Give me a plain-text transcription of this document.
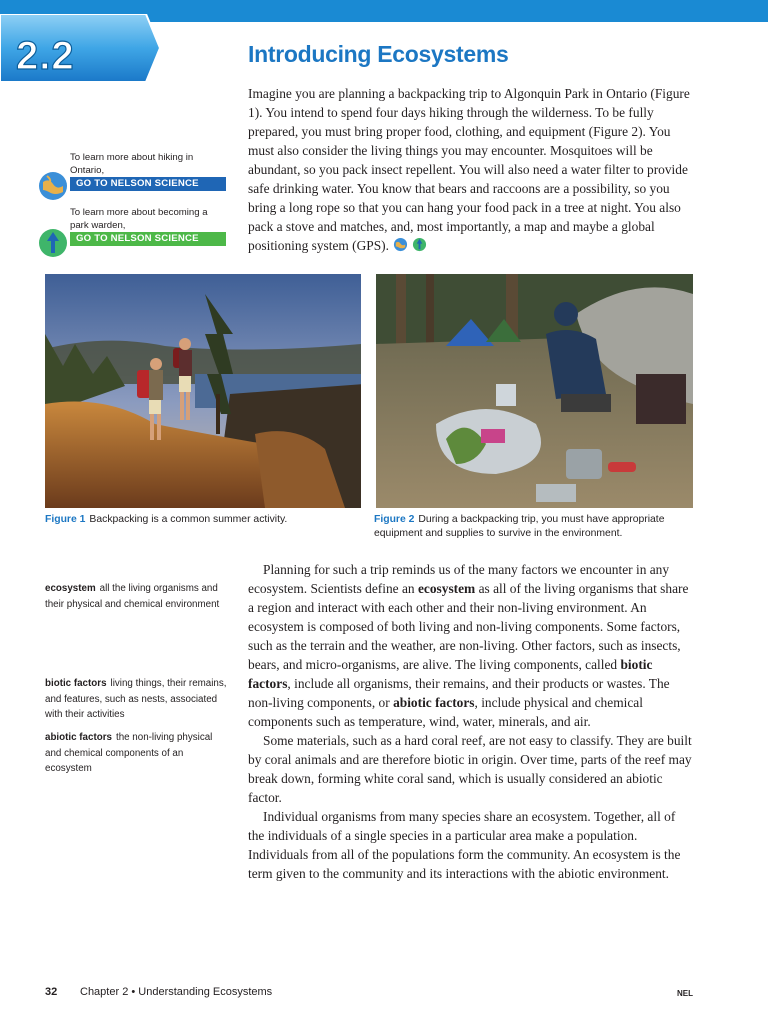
2.2	Introducing Ecosystems

Imagine you are planning a backpacking trip to Algonquin Park in Ontario (Figure 1). You intend to spend four days hiking through the wilderness. To be fully prepared, you must bring proper food, clothing, and equipment (Figure 2). You must also consider the living things you may encounter. Mosquitoes will be abundant, so you pack insect repellent. You will also need a water filter to provide safe drinking water. You know that bears and raccoons are a possibility, so you bring a long rope so that you can hang your food pack in a tree at night. You also pack a stove and matches, and, most importantly, a map and maybe a global positioning system (GPS).

To learn more about hiking in Ontario,
GO TO NELSON SCIENCE
To learn more about becoming a park warden,
GO TO NELSON SCIENCE
Figure 1 Backpacking is a common summer activity.	Figure 2 During a backpacking trip, you must have appropriate equipment and supplies to survive in the environment.
ecosystem all the living organisms and their physical and chemical environment
biotic factors living things, their remains, and features, such as nests, associated with their activities
abiotic factors the non-living physical and chemical components of an ecosystem

Planning for such a trip reminds us of the many factors we encounter in any ecosystem. Scientists define an ecosystem as all of the living organisms that share a region and interact with each other and their non-living environment. An ecosystem is composed of both living and non-living components. Some factors, such as the terrain and the weather, are non-living. Other factors, such as insects, bears, and micro-organisms, are alive. The living components, called biotic factors, include all organisms, their remains, and their products or wastes. The non-living components, or abiotic factors, include physical and chemical components such as temperature, wind, water, minerals, and air.

Some materials, such as a hard coral reef, are not easy to classify. They are built by coral animals and are therefore biotic in origin. Over time, parts of the reef may break down, forming white coral sand, which is usually considered an abiotic factor.

Individual organisms from many species share an ecosystem. Together, all of the individuals of a single species in a particular area make a population. Individuals from all of the populations form the community. An ecosystem is the term given to the community and its interactions with the abiotic environment.

32 Chapter 2 • Understanding Ecosystems	NEL
